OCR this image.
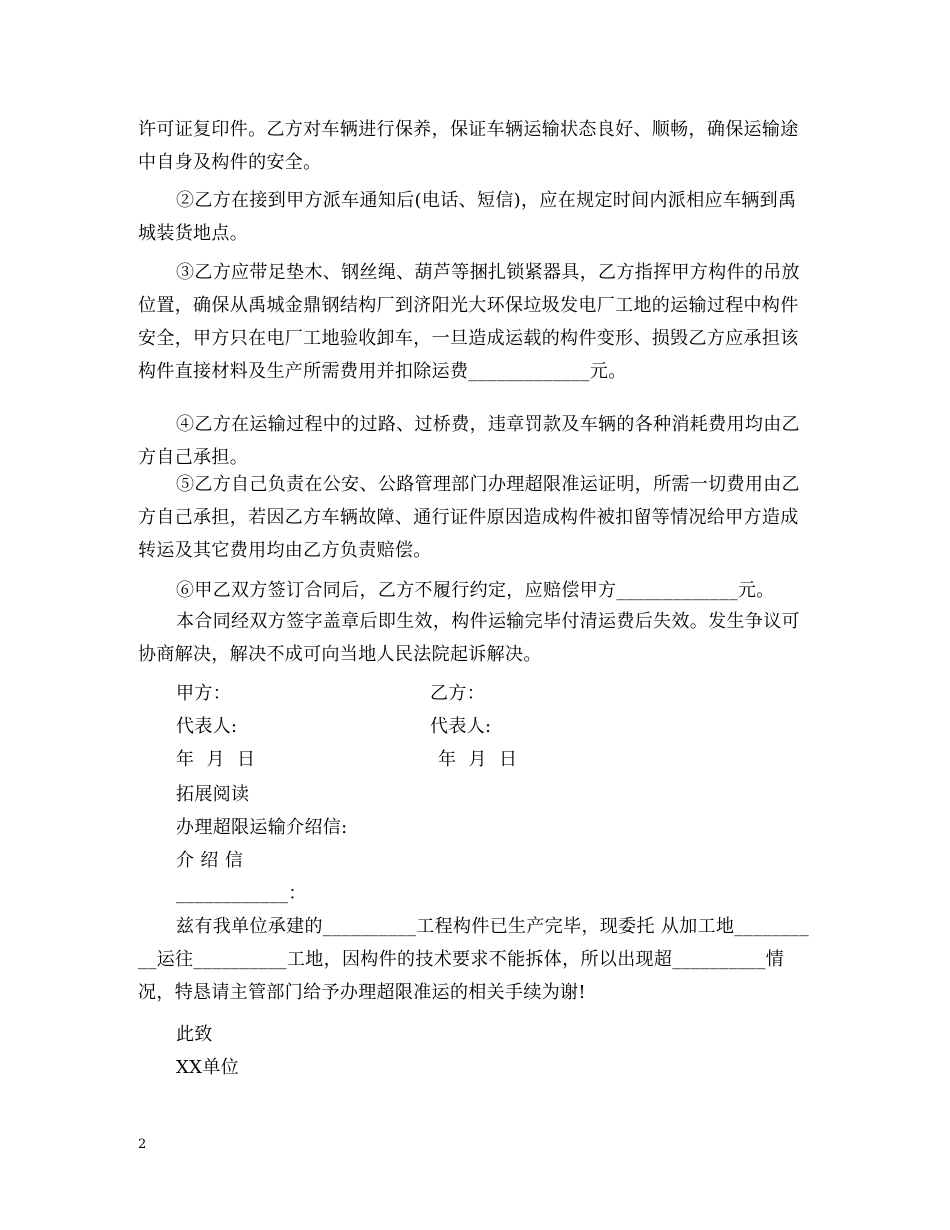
许可证复印件。乙方对车辆进行保养，保证车辆运输状态良好、顺畅，确保运输途中自身及构件的安全。
②乙方在接到甲方派车通知后(电话、短信)，应在规定时间内派相应车辆到禹城装货地点。
③乙方应带足垫木、钢丝绳、葫芦等捆扎锁紧器具，乙方指挥甲方构件的吊放位置，确保从禹城金鼎钢结构厂到济阳光大环保垃圾发电厂工地的运输过程中构件安全，甲方只在电厂工地验收卸车，一旦造成运载的构件变形、损毁乙方应承担该构件直接材料及生产所需费用并扣除运费_____________元。
④乙方在运输过程中的过路、过桥费，违章罚款及车辆的各种消耗费用均由乙方自己承担。
⑤乙方自己负责在公安、公路管理部门办理超限准运证明，所需一切费用由乙方自己承担，若因乙方车辆故障、通行证件原因造成构件被扣留等情况给甲方造成转运及其它费用均由乙方负责赔偿。
⑥甲乙双方签订合同后，乙方不履行约定，应赔偿甲方_____________元。
本合同经双方签字盖章后即生效，构件运输完毕付清运费后失效。发生争议可协商解决，解决不成可向当地人民法院起诉解决。
甲方：	乙方：
代表人:	代表人:
年  月  日	年  月  日
拓展阅读
办理超限运输介绍信:
介 绍 信
____________：
兹有我单位承建的__________工程构件已生产完毕，现委托 从加工地__________运往__________工地，因构件的技术要求不能拆体，所以出现超__________情况，特恳请主管部门给予办理超限准运的相关手续为谢!
此致
XX单位
2
